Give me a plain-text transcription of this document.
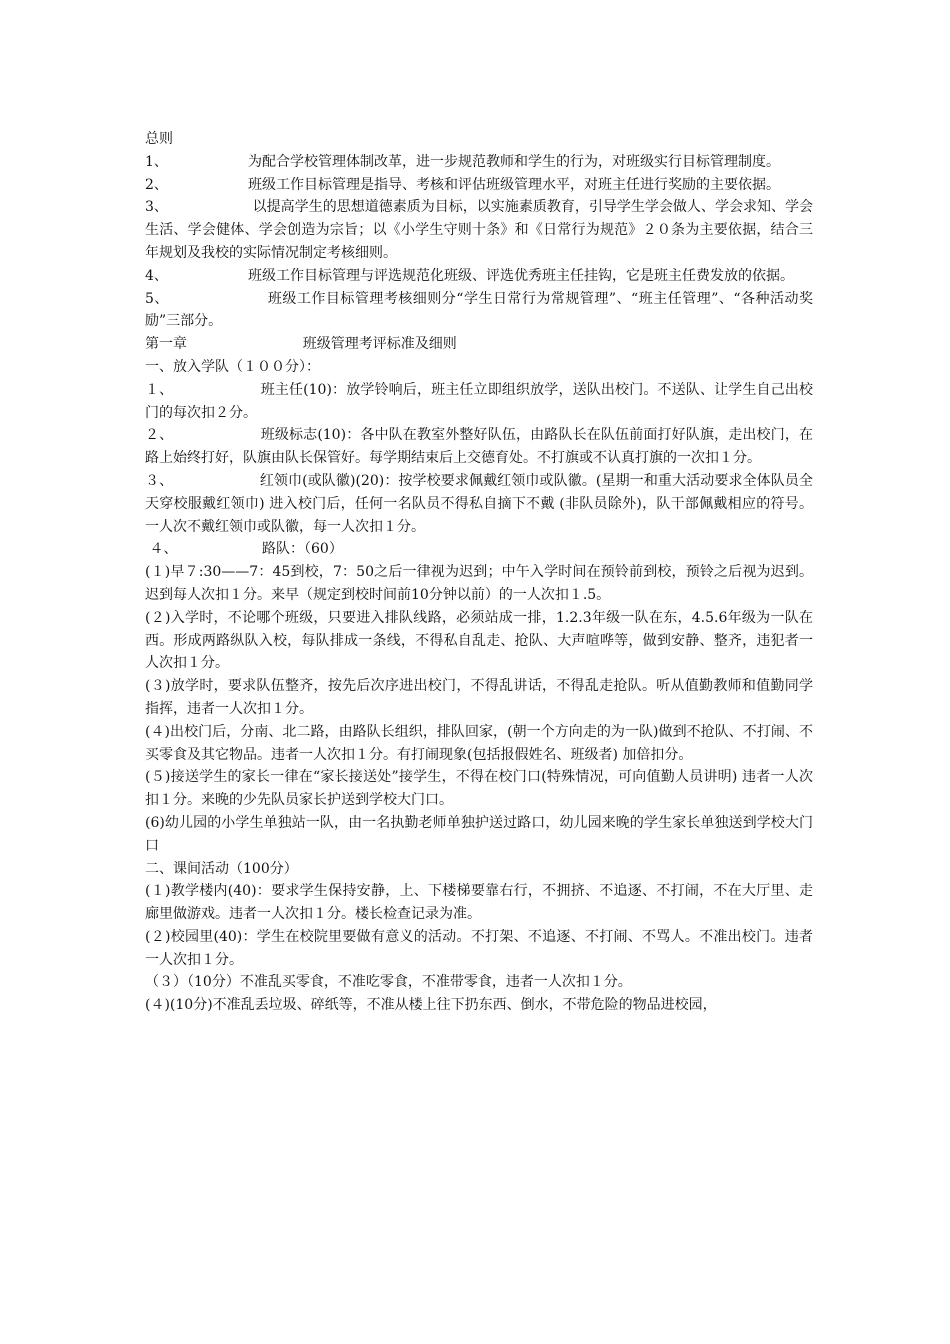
总则

1、	为配合学校管理体制改革，进一步规范教师和学生的行为，对班级实行目标管理制度。

2、	班级工作目标管理是指导、考核和评估班级管理水平，对班主任进行奖励的主要依据。

3、	以提高学生的思想道德素质为目标，以实施素质教育，引导学生学会做人、学会求知、学会生活、学会健体、学会创造为宗旨；以《小学生守则十条》和《日常行为规范》２０条为主要依据，结合三年规划及我校的实际情况制定考核细则。

4、	班级工作目标管理与评选规范化班级、评选优秀班主任挂钩，它是班主任费发放的依据。

5、	班级工作目标管理考核细则分“学生日常行为常规管理”、“班主任管理”、“各种活动奖励”三部分。

第一章	班级管理考评标准及细则

一、放入学队（１００分）：

１、	班主任(10)：放学铃响后，班主任立即组织放学，送队出校门。不送队、让学生自己出校门的每次扣２分。

２、	班级标志(10)：各中队在教室外整好队伍，由路队长在队伍前面打好队旗，走出校门，在路上始终打好，队旗由队长保管好。每学期结束后上交德育处。不打旗或不认真打旗的一次扣１分。

３、	红领巾(或队徽)(20)：按学校要求佩戴红领巾或队徽。(星期一和重大活动要求全体队员全天穿校服戴红领巾) 进入校门后，任何一名队员不得私自摘下不戴 (非队员除外)，队干部佩戴相应的符号。一人次不戴红领巾或队徽，每一人次扣１分。

４、	路队：（60）

(１)早７:30——7：45到校，7：50之后一律视为迟到；中午入学时间在预铃前到校，预铃之后视为迟到。迟到每人次扣１分。来早（规定到校时间前10分钟以前）的一人次扣１.5。

(２)入学时，不论哪个班级，只要进入排队线路，必须站成一排，1.2.3年级一队在东，4.5.6年级为一队在西。形成两路纵队入校，每队排成一条线，不得私自乱走、抢队、大声喧哗等，做到安静、整齐，违犯者一人次扣１分。

(３)放学时，要求队伍整齐，按先后次序进出校门，不得乱讲话，不得乱走抢队。听从值勤教师和值勤同学指挥，违者一人次扣１分。

(４)出校门后，分南、北二路，由路队长组织，排队回家，(朝一个方向走的为一队)做到不抢队、不打闹、不买零食及其它物品。违者一人次扣１分。有打闹现象(包括报假姓名、班级者) 加倍扣分。

(５)接送学生的家长一律在“家长接送处”接学生，不得在校门口(特殊情况，可向值勤人员讲明) 违者一人次扣１分。来晚的少先队员家长护送到学校大门口。

(6)幼儿园的小学生单独站一队，由一名执勤老师单独护送过路口，幼儿园来晚的学生家长单独送到学校大门口

二、课间活动（100分）

(１)教学楼内(40)：要求学生保持安静，上、下楼梯要靠右行，不拥挤、不追逐、不打闹，不在大厅里、走廊里做游戏。违者一人次扣１分。楼长检查记录为准。

(２)校园里(40)：学生在校院里要做有意义的活动。不打架、不追逐、不打闹、不骂人。不准出校门。违者一人次扣１分。

（３）（10分）不准乱买零食，不准吃零食，不准带零食，违者一人次扣１分。

(４)(10分)不准乱丢垃圾、碎纸等，不准从楼上往下扔东西、倒水，不带危险的物品进校园，
